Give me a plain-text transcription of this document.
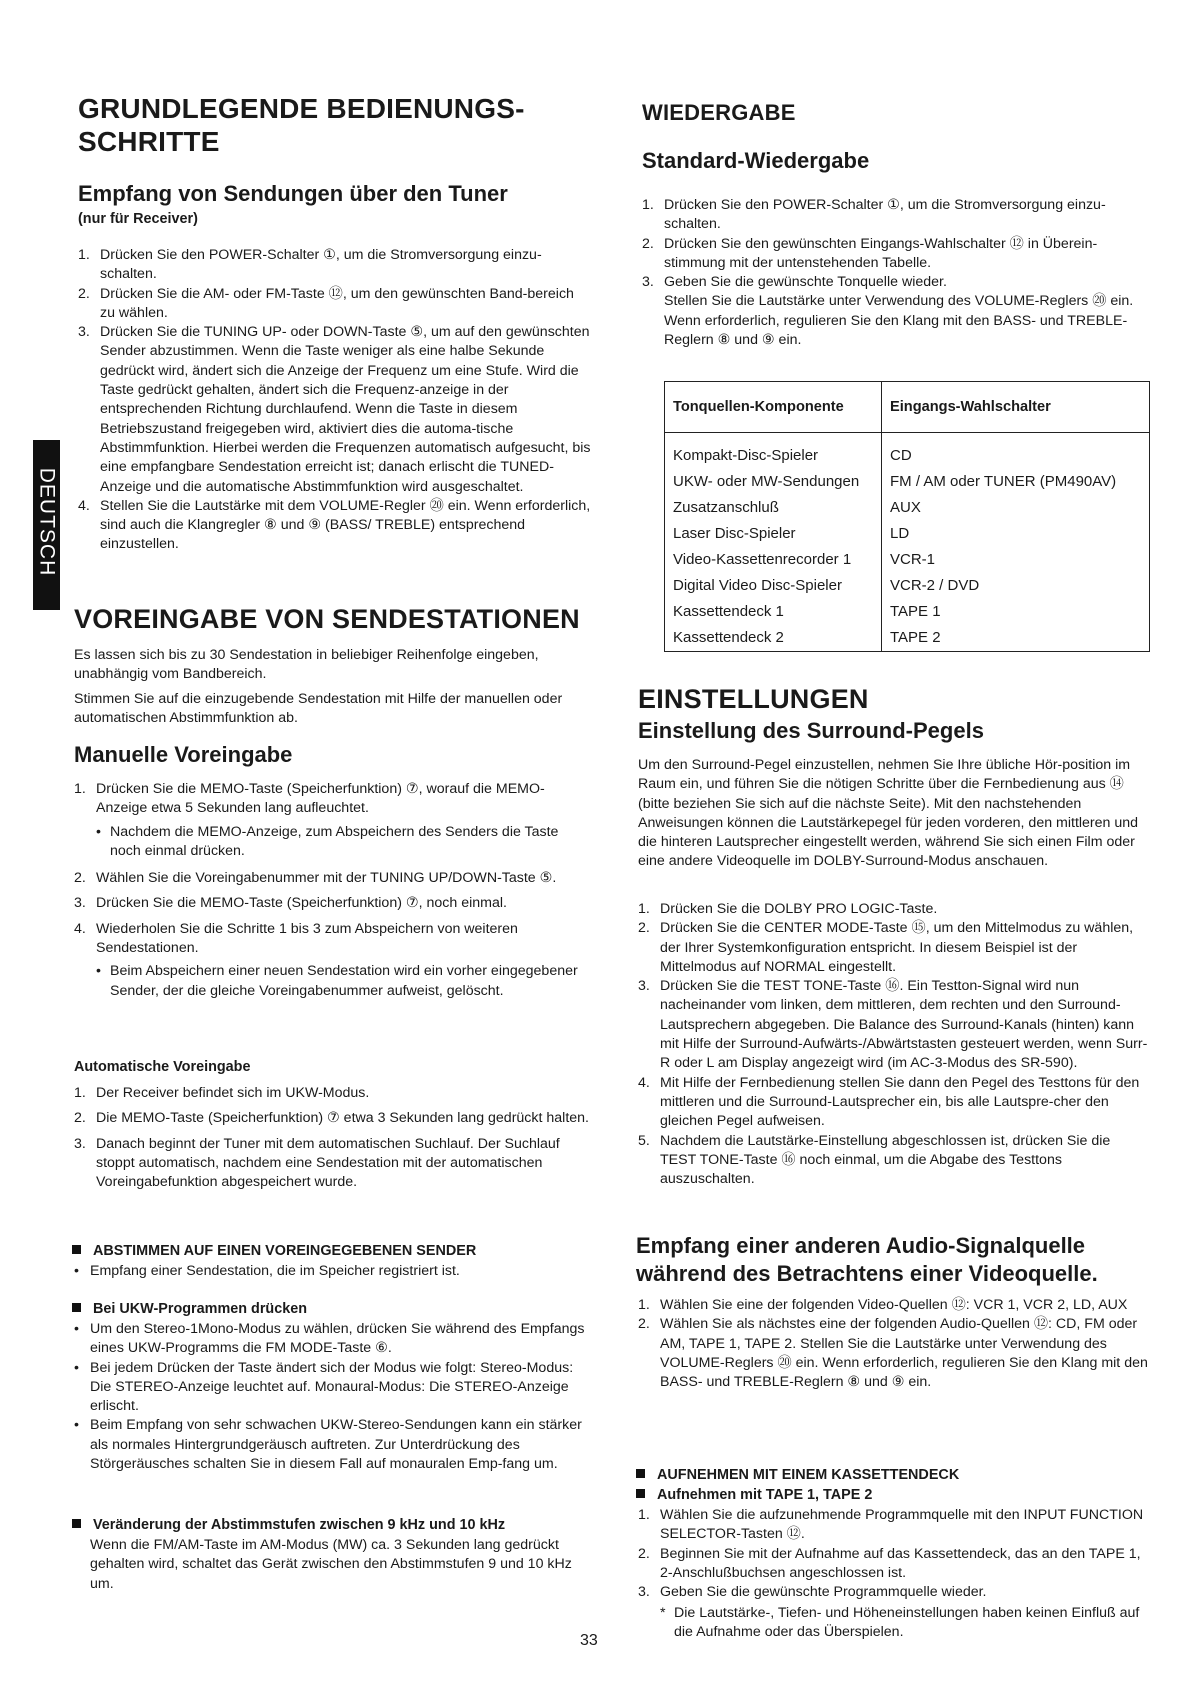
DEUTSCH
GRUNDLEGENDE BEDIENUNGS-
SCHRITTE
Empfang von Sendungen über den Tuner
(nur für Receiver)
1. Drücken Sie den POWER-Schalter ①, um die Stromversorgung einzu-schalten.
2. Drücken Sie die AM- oder FM-Taste ⑫, um den gewünschten Band-bereich zu wählen.
3. Drücken Sie die TUNING UP- oder DOWN-Taste ⑤, um auf den gewünschten Sender abzustimmen. Wenn die Taste weniger als eine halbe Sekunde gedrückt wird, ändert sich die Anzeige der Frequenz um eine Stufe. Wird die Taste gedrückt gehalten, ändert sich die Frequenz-anzeige in der entsprechenden Richtung durchlaufend. Wenn die Taste in diesem Betriebszustand freigegeben wird, aktiviert dies die automa-tische Abstimmfunktion. Hierbei werden die Frequenzen automatisch aufgesucht, bis eine empfangbare Sendestation erreicht ist; danach erlischt die TUNED-Anzeige und die automatische Abstimmfunktion wird ausgeschaltet.
4. Stellen Sie die Lautstärke mit dem VOLUME-Regler ⑳ ein. Wenn erforderlich, sind auch die Klangregler ⑧ und ⑨ (BASS/ TREBLE) entsprechend einzustellen.
VOREINGABE VON SENDESTATIONEN

Es lassen sich bis zu 30 Sendestation in beliebiger Reihenfolge eingeben, unabhängig vom Bandbereich.

Stimmen Sie auf die einzugebende Sendestation mit Hilfe der manuellen oder automatischen Abstimmfunktion ab.

Manuelle Voreingabe
1. Drücken Sie die MEMO-Taste (Speicherfunktion) ⑦, worauf die MEMO-Anzeige etwa 5 Sekunden lang aufleuchtet.
• Nachdem die MEMO-Anzeige, zum Abspeichern des Senders die Taste noch einmal drücken.
2. Wählen Sie die Voreingabenummer mit der TUNING UP/DOWN-Taste ⑤.
3. Drücken Sie die MEMO-Taste (Speicherfunktion) ⑦, noch einmal.
4. Wiederholen Sie die Schritte 1 bis 3 zum Abspeichern von weiteren Sendestationen.
• Beim Abspeichern einer neuen Sendestation wird ein vorher eingegebener Sender, der die gleiche Voreingabenummer aufweist, gelöscht.
Automatische Voreingabe
1. Der Receiver befindet sich im UKW-Modus.
2. Die MEMO-Taste (Speicherfunktion) ⑦ etwa 3 Sekunden lang gedrückt halten.
3. Danach beginnt der Tuner mit dem automatischen Suchlauf. Der Suchlauf stoppt automatisch, nachdem eine Sendestation mit der automatischen Voreingabefunktion abgespeichert wurde.
ABSTIMMEN AUF EINEN VOREINGEGEBENEN SENDER
• Empfang einer Sendestation, die im Speicher registriert ist.
Bei UKW-Programmen drücken
• Um den Stereo-1Mono-Modus zu wählen, drücken Sie während des Empfangs eines UKW-Programms die FM MODE-Taste ⑥.
• Bei jedem Drücken der Taste ändert sich der Modus wie folgt: Stereo-Modus: Die STEREO-Anzeige leuchtet auf. Monaural-Modus: Die STEREO-Anzeige erlischt.
• Beim Empfang von sehr schwachen UKW-Stereo-Sendungen kann ein stärker als normales Hintergrundgeräusch auftreten. Zur Unterdrückung des Störgeräusches schalten Sie in diesem Fall auf monauralen Emp-fang um.
Veränderung der Abstimmstufen zwischen 9 kHz und 10 kHz

Wenn die FM/AM-Taste im AM-Modus (MW) ca. 3 Sekunden lang gedrückt gehalten wird, schaltet das Gerät zwischen den Abstimmstufen 9 und 10 kHz um.

WIEDERGABE
Standard-Wiedergabe
1. Drücken Sie den POWER-Schalter ①, um die Stromversorgung einzu-schalten.
2. Drücken Sie den gewünschten Eingangs-Wahlschalter ⑫ in Überein-stimmung mit der untenstehenden Tabelle.
3. Geben Sie die gewünschte Tonquelle wieder.
Stellen Sie die Lautstärke unter Verwendung des VOLUME-Reglers ⑳ ein.
Wenn erforderlich, regulieren Sie den Klang mit den BASS- und TREBLE-Reglern ⑧ und ⑨ ein.
Tonquellen-Komponente	Eingangs-Wahlschalter

Kompakt-Disc-Spieler	CD
UKW- oder MW-Sendungen	FM / AM oder TUNER (PM490AV)
Zusatzanschluß	AUX
Laser Disc-Spieler	LD
Video-Kassettenrecorder 1	VCR-1
Digital Video Disc-Spieler	VCR-2 / DVD
Kassettendeck 1	TAPE 1
Kassettendeck 2	TAPE 2
EINSTELLUNGEN
Einstellung des Surround-Pegels

Um den Surround-Pegel einzustellen, nehmen Sie Ihre übliche Hör-position im Raum ein, und führen Sie die nötigen Schritte über die Fernbedienung aus ⑭ (bitte beziehen Sie sich auf die nächste Seite). Mit den nachstehenden Anweisungen können die Lautstärkepegel für jeden vorderen, den mittleren und die hinteren Lautsprecher eingestellt werden, während Sie sich einen Film oder eine andere Videoquelle im DOLBY-Surround-Modus anschauen.

1. Drücken Sie die DOLBY PRO LOGIC-Taste.
2. Drücken Sie die CENTER MODE-Taste ⑮, um den Mittelmodus zu wählen, der Ihrer Systemkonfiguration entspricht. In diesem Beispiel ist der Mittelmodus auf NORMAL eingestellt.
3. Drücken Sie die TEST TONE-Taste ⑯. Ein Testton-Signal wird nun nacheinander vom linken, dem mittleren, dem rechten und den Surround-Lautsprechern abgegeben. Die Balance des Surround-Kanals (hinten) kann mit Hilfe der Surround-Aufwärts-/Abwärtstasten gesteuert werden, wenn Surr-R oder L am Display angezeigt wird (im AC-3-Modus des SR-590).
4. Mit Hilfe der Fernbedienung stellen Sie dann den Pegel des Testtons für den mittleren und die Surround-Lautsprecher ein, bis alle Lautspre-cher den gleichen Pegel aufweisen.
5. Nachdem die Lautstärke-Einstellung abgeschlossen ist, drücken Sie die TEST TONE-Taste ⑯ noch einmal, um die Abgabe des Testtons auszuschalten.
Empfang einer anderen Audio-Signalquelle
während des Betrachtens einer Videoquelle.
1. Wählen Sie eine der folgenden Video-Quellen ⑫: VCR 1, VCR 2, LD, AUX
2. Wählen Sie als nächstes eine der folgenden Audio-Quellen ⑫: CD, FM oder AM, TAPE 1, TAPE 2. Stellen Sie die Lautstärke unter Verwendung des VOLUME-Reglers ⑳ ein. Wenn erforderlich, regulieren Sie den Klang mit den BASS- und TREBLE-Reglern ⑧ und ⑨ ein.
AUFNEHMEN MIT EINEM KASSETTENDECK
Aufnehmen mit TAPE 1, TAPE 2
1. Wählen Sie die aufzunehmende Programmquelle mit den INPUT FUNCTION SELECTOR-Tasten ⑫.
2. Beginnen Sie mit der Aufnahme auf das Kassettendeck, das an den TAPE 1, 2-Anschlußbuchsen angeschlossen ist.
3. Geben Sie die gewünschte Programmquelle wieder.
* Die Lautstärke-, Tiefen- und Höheneinstellungen haben keinen Einfluß auf die Aufnahme oder das Überspielen.
33
